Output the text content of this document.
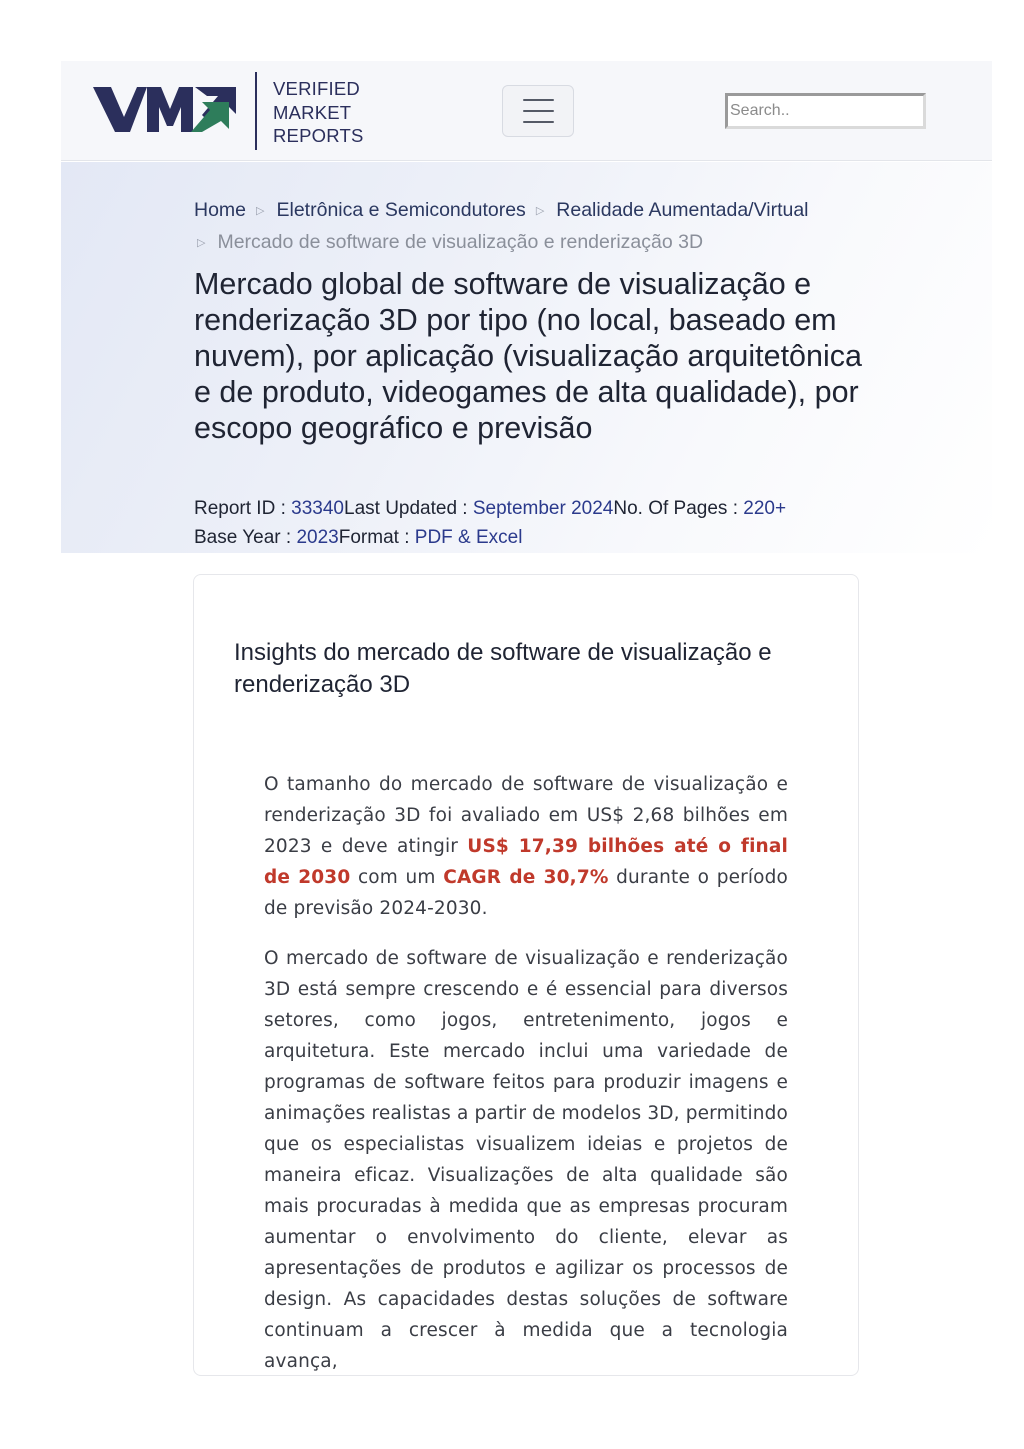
VERIFIED
MARKET
REPORTS
Search..
Home ▷ Eletrônica e Semicondutores ▷ Realidade Aumentada/Virtual
▷ Mercado de software de visualização e renderização 3D
Mercado global de software de visualização e renderização 3D por tipo (no local, baseado em nuvem), por aplicação (visualização arquitetônica e de produto, videogames de alta qualidade), por escopo geográfico e previsão
Report ID : 33340Last Updated : September 2024No. Of Pages : 220+
Base Year : 2023Format : PDF & Excel
Insights do mercado de software de visualização e renderização 3D

O tamanho do mercado de software de visualização e renderização 3D foi avaliado em US$ 2,68 bilhões em 2023 e deve atingir US$ 17,39 bilhões até o final de 2030 com um CAGR de 30,7% durante o período de previsão 2024-2030.

O mercado de software de visualização e renderização 3D está sempre crescendo e é essencial para diversos setores, como jogos, entretenimento, jogos e arquitetura. Este mercado inclui uma variedade de programas de software feitos para produzir imagens e animações realistas a partir de modelos 3D, permitindo que os especialistas visualizem ideias e projetos de maneira eficaz. Visualizações de alta qualidade são mais procuradas à medida que as empresas procuram aumentar o envolvimento do cliente, elevar as apresentações de produtos e agilizar os processos de design. As capacidades destas soluções de software continuam a crescer à medida que a tecnologia avança,
